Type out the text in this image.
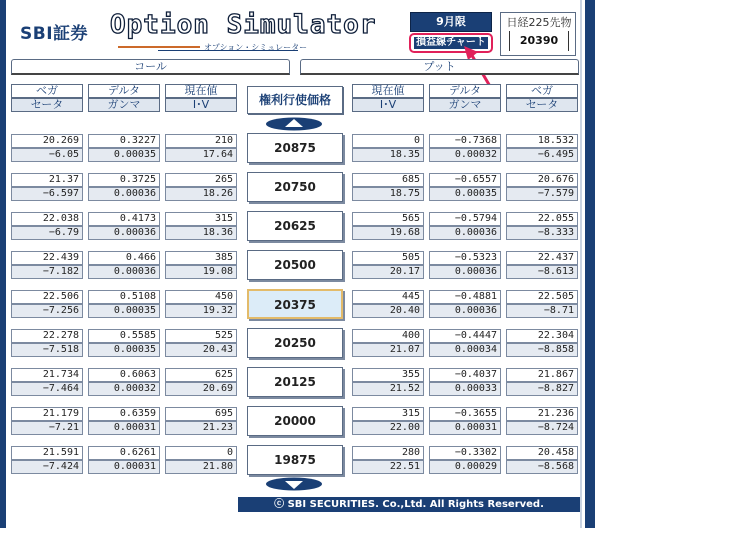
SBI証券 Option Simulator
オプション・シミュレーター
9月限
損益線チャート
日経225先物
20390
コール	プット
ベガ
セータ
デルタ
ガンマ
現在値
I･V	権利行使価格
現在値
I･V
デルタ
ガンマ
ベガ
セータ
20.269
−6.05
0.3227
0.00035
210
17.64
0
18.35
−0.7368
0.00032
18.532
−6.495
20875
21.37
−6.597
0.3725
0.00036
265
18.26
685
18.75
−0.6557
0.00035
20.676
−7.579
20750
22.038
−6.79
0.4173
0.00036
315
18.36
565
19.68
−0.5794
0.00036
22.055
−8.333
20625
22.439
−7.182
0.466
0.00036
385
19.08
505
20.17
−0.5323
0.00036
22.437
−8.613
20500
22.506
−7.256
0.5108
0.00035
450
19.32
445
20.40
−0.4881
0.00036
22.505
−8.71
20375
22.278
−7.518
0.5585
0.00035
525
20.43
400
21.07
−0.4447
0.00034
22.304
−8.858
20250
21.734
−7.464
0.6063
0.00032
625
20.69
355
21.52
−0.4037
0.00033
21.867
−8.827
20125
21.179
−7.21
0.6359
0.00031
695
21.23
315
22.00
−0.3655
0.00031
21.236
−8.724
20000
21.591
−7.424
0.6261
0.00031
0
21.80
280
22.51
−0.3302
0.00029
20.458
−8.568
19875
ⓒ SBI SECURITIES. Co.,Ltd. All Rights Reserved.
